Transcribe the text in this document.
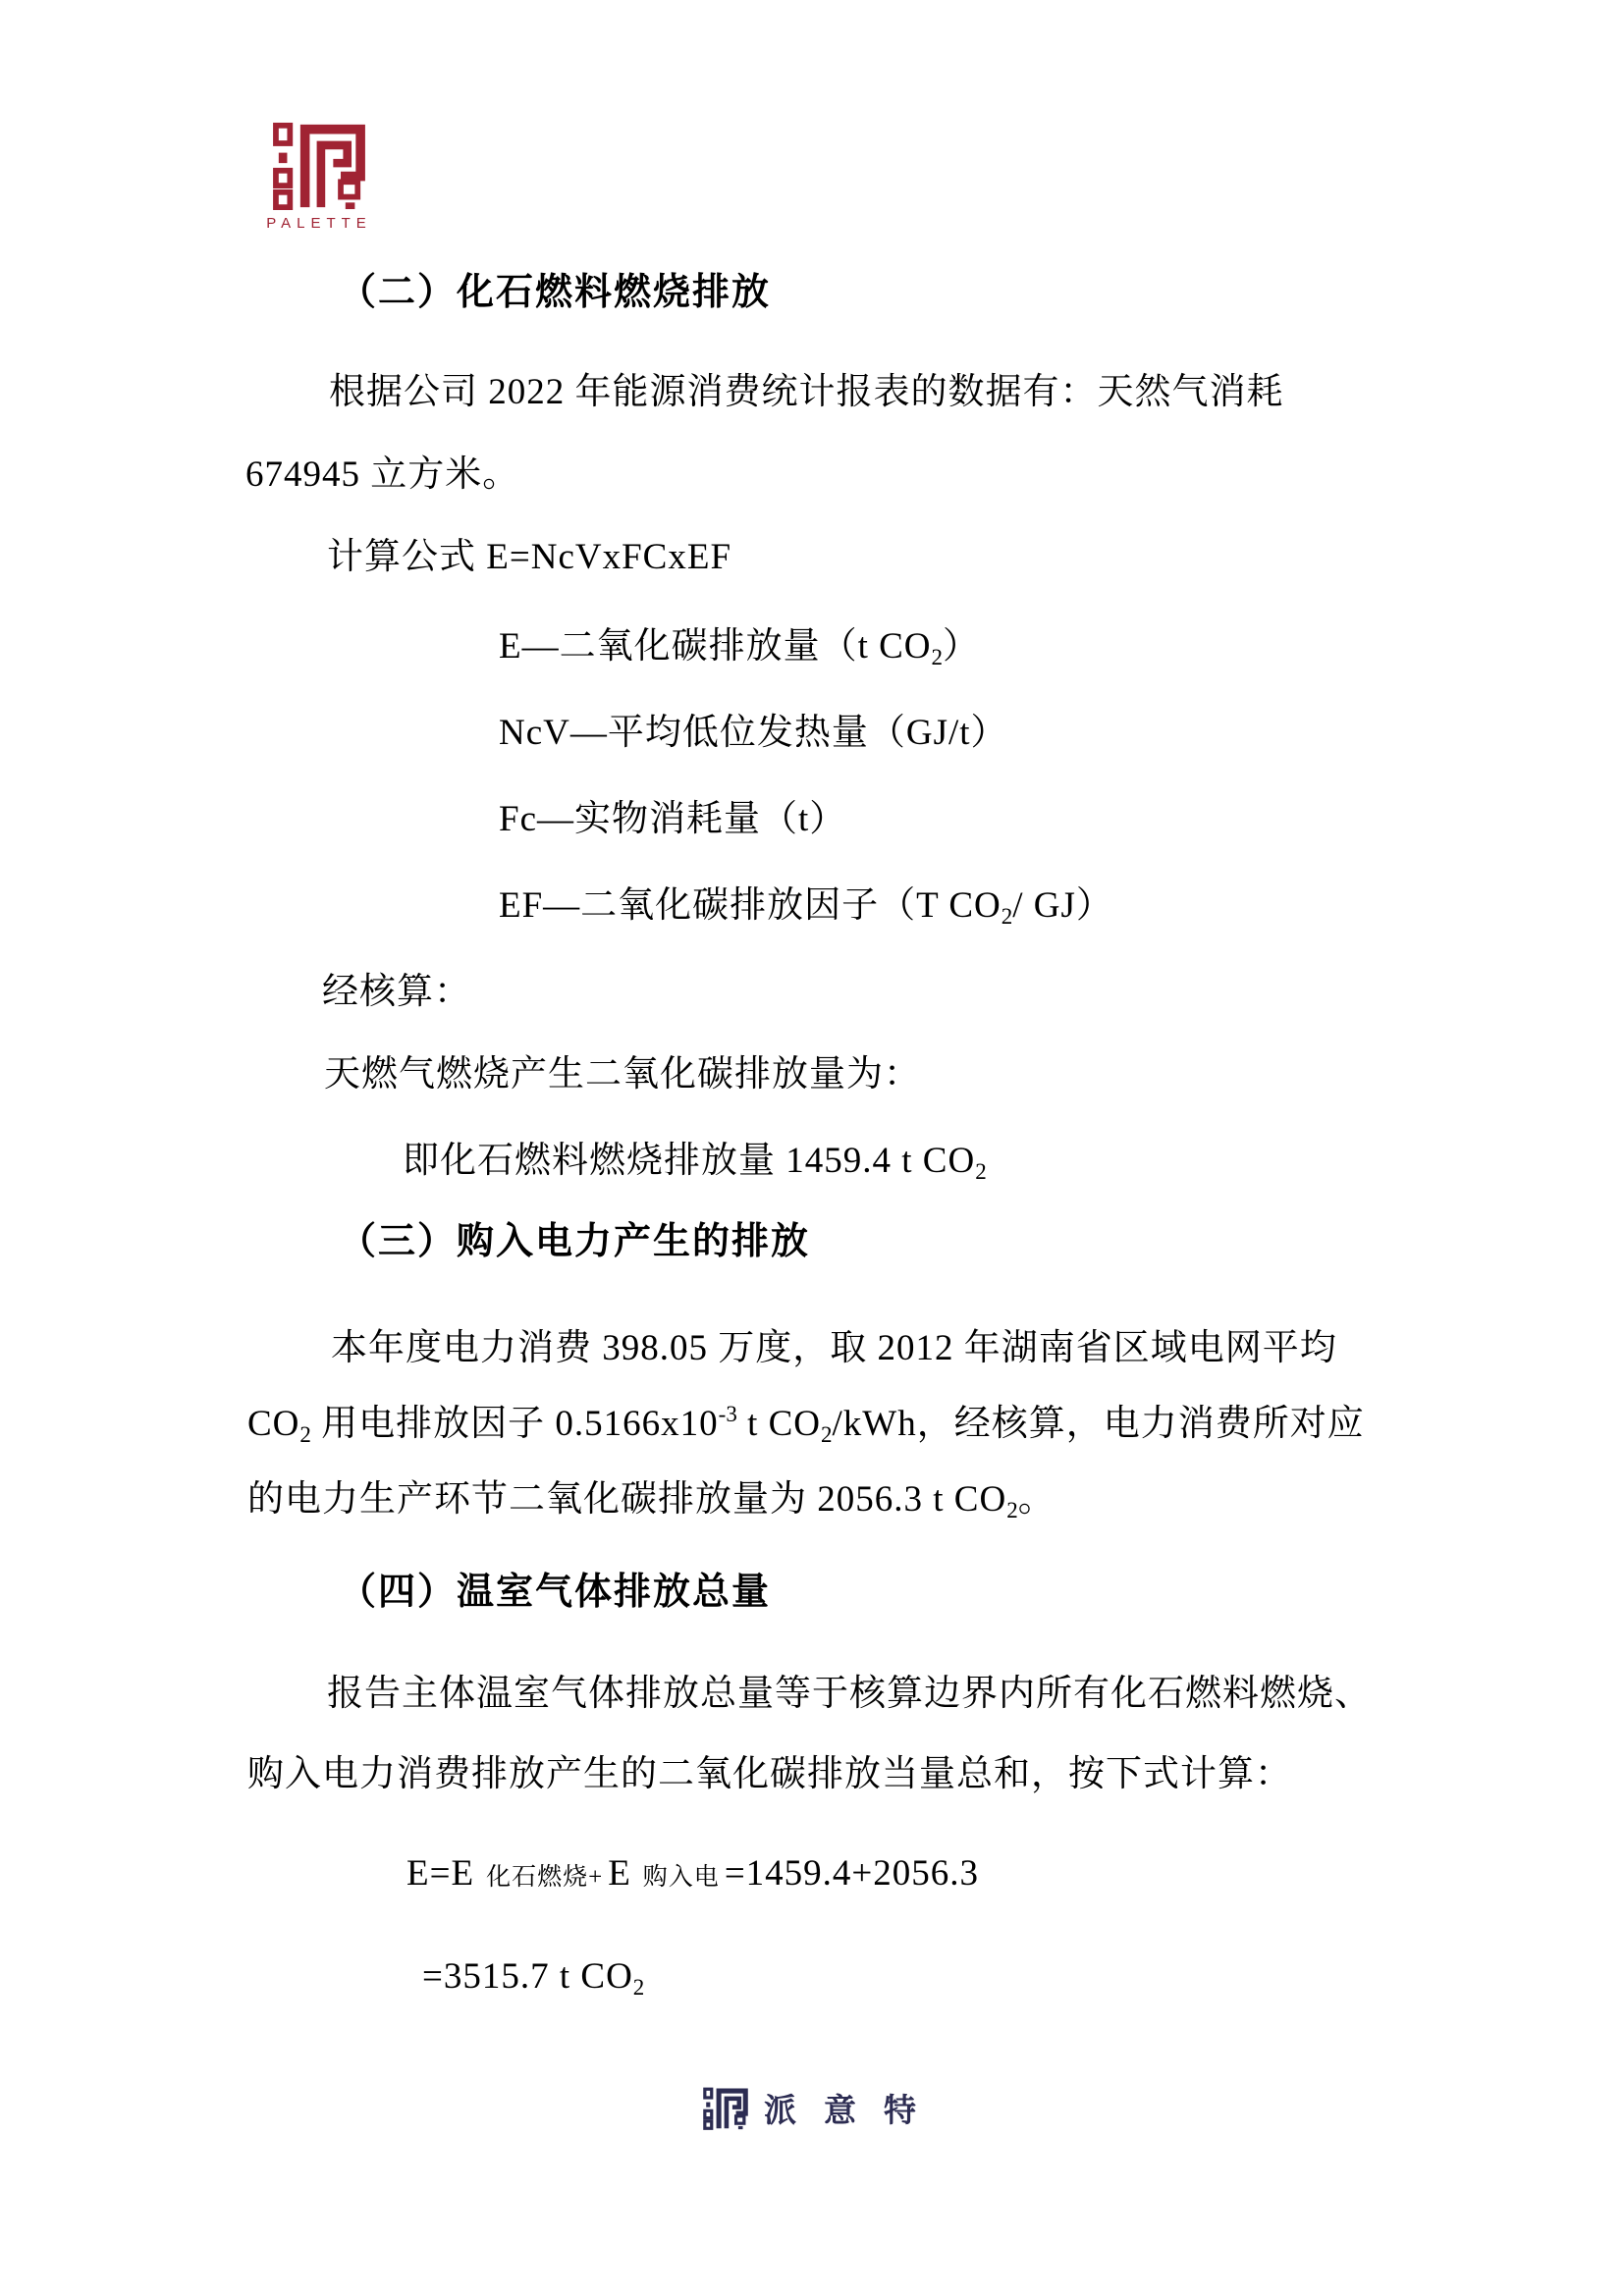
PALETTE
（二）化石燃料燃烧排放
根据公司 2022 年能源消费统计报表的数据有：天然气消耗
674945 立方米。
计算公式 E=NcVxFCxEF
E—二氧化碳排放量（t CO2）
NcV—平均低位发热量（GJ/t）
Fc—实物消耗量（t）
EF—二氧化碳排放因子（T CO2/ GJ）
经核算：
天燃气燃烧产生二氧化碳排放量为：
即化石燃料燃烧排放量 1459.4 t CO2
（三）购入电力产生的排放
本年度电力消费 398.05 万度，取 2012 年湖南省区域电网平均
CO2 用电排放因子 $0.5166x10^{-3}$ t CO2/kWh，经核算，电力消费所对应
的电力生产环节二氧化碳排放量为 2056.3 t CO2。
（四）温室气体排放总量
报告主体温室气体排放总量等于核算边界内所有化石燃料燃烧、
购入电力消费排放产生的二氧化碳排放当量总和，按下式计算：
E=E 化石燃烧+ E 购入电 =1459.4+2056.3
=3515.7 t CO2
派意特
